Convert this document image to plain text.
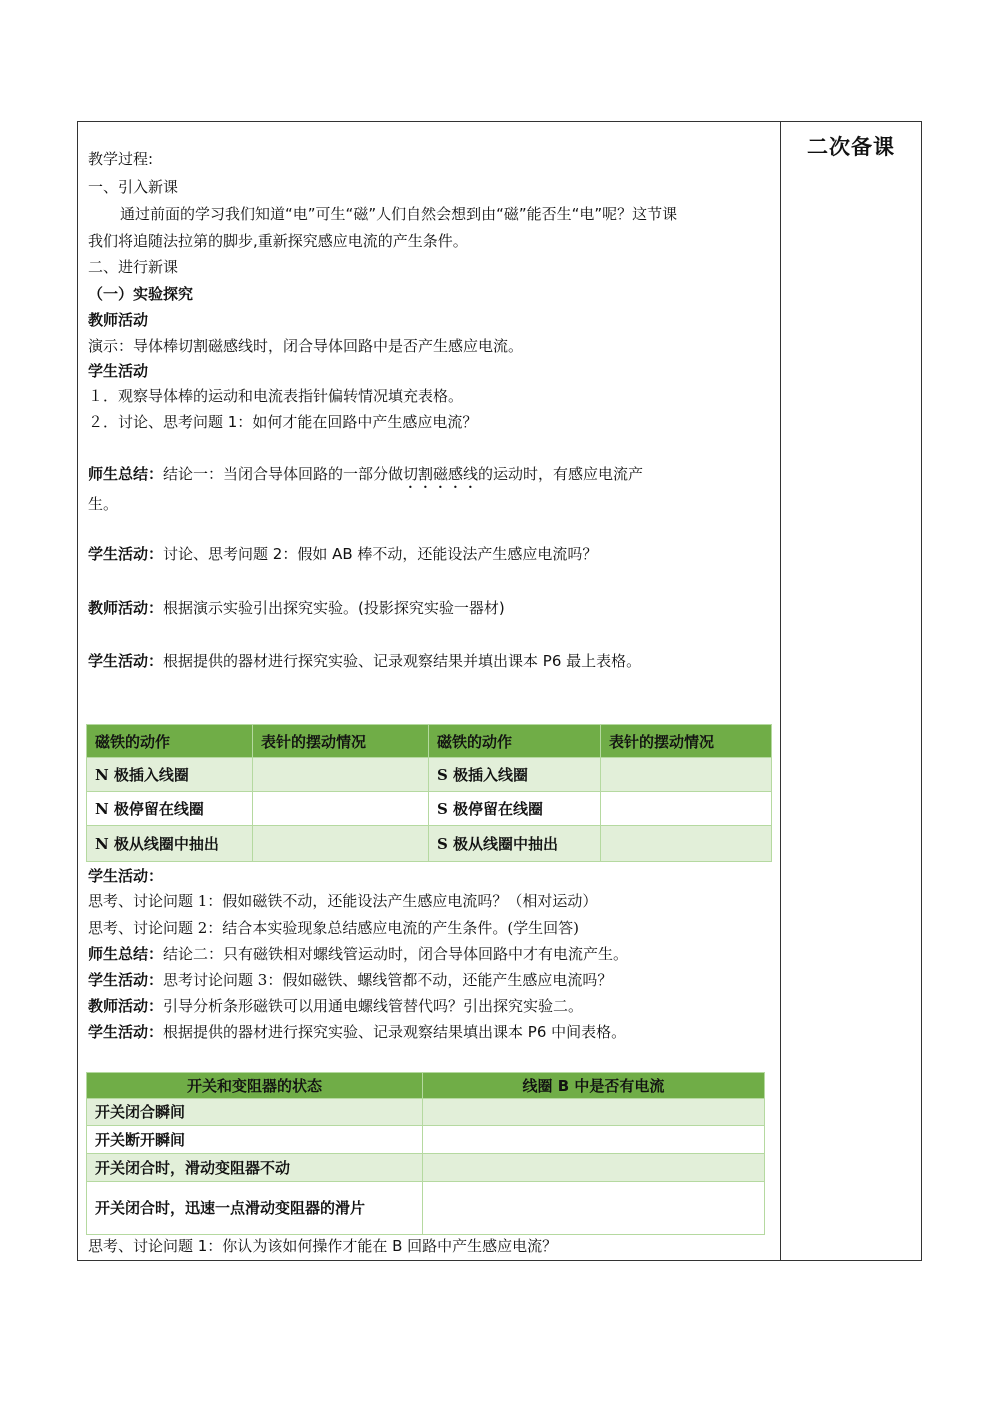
二次备课
教学过程:
一、引入新课
通过前面的学习我们知道“电”可生“磁”人们自然会想到由“磁”能否生“电”呢？这节课
我们将追随法拉第的脚步,重新探究感应电流的产生条件。
二、进行新课
（一）实验探究
教师活动
演示：导体棒切割磁感线时，闭合导体回路中是否产生感应电流。
学生活动
１．观察导体棒的运动和电流表指针偏转情况填充表格。
２．讨论、思考问题 1：如何才能在回路中产生感应电流？
师生总结：结论一：当闭合导体回路的一部分做切割磁感线的运动时，有感应电流产
生。
学生活动：讨论、思考问题 2：假如 AB 棒不动，还能设法产生感应电流吗？
教师活动：根据演示实验引出探究实验。(投影探究实验一器材)
学生活动：根据提供的器材进行探究实验、记录观察结果并填出课本 P6 最上表格。
磁铁的动作	表针的摆动情况	磁铁的动作	表针的摆动情况
N 极插入线圈		S 极插入线圈	
N 极停留在线圈		S 极停留在线圈	
N 极从线圈中抽出		S 极从线圈中抽出	
学生活动：
思考、讨论问题 1：假如磁铁不动，还能设法产生感应电流吗？（相对运动）
思考、讨论问题 2：结合本实验现象总结感应电流的产生条件。(学生回答)
师生总结：结论二：只有磁铁相对螺线管运动时，闭合导体回路中才有电流产生。
学生活动：思考讨论问题 3：假如磁铁、螺线管都不动，还能产生感应电流吗？
教师活动：引导分析条形磁铁可以用通电螺线管替代吗？引出探究实验二。
学生活动：根据提供的器材进行探究实验、记录观察结果填出课本 P6 中间表格。
开关和变阻器的状态	线圈 B 中是否有电流
开关闭合瞬间	
开关断开瞬间	
开关闭合时，滑动变阻器不动	
开关闭合时，迅速一点滑动变阻器的滑片	
思考、讨论问题 1：你认为该如何操作才能在 B 回路中产生感应电流？
